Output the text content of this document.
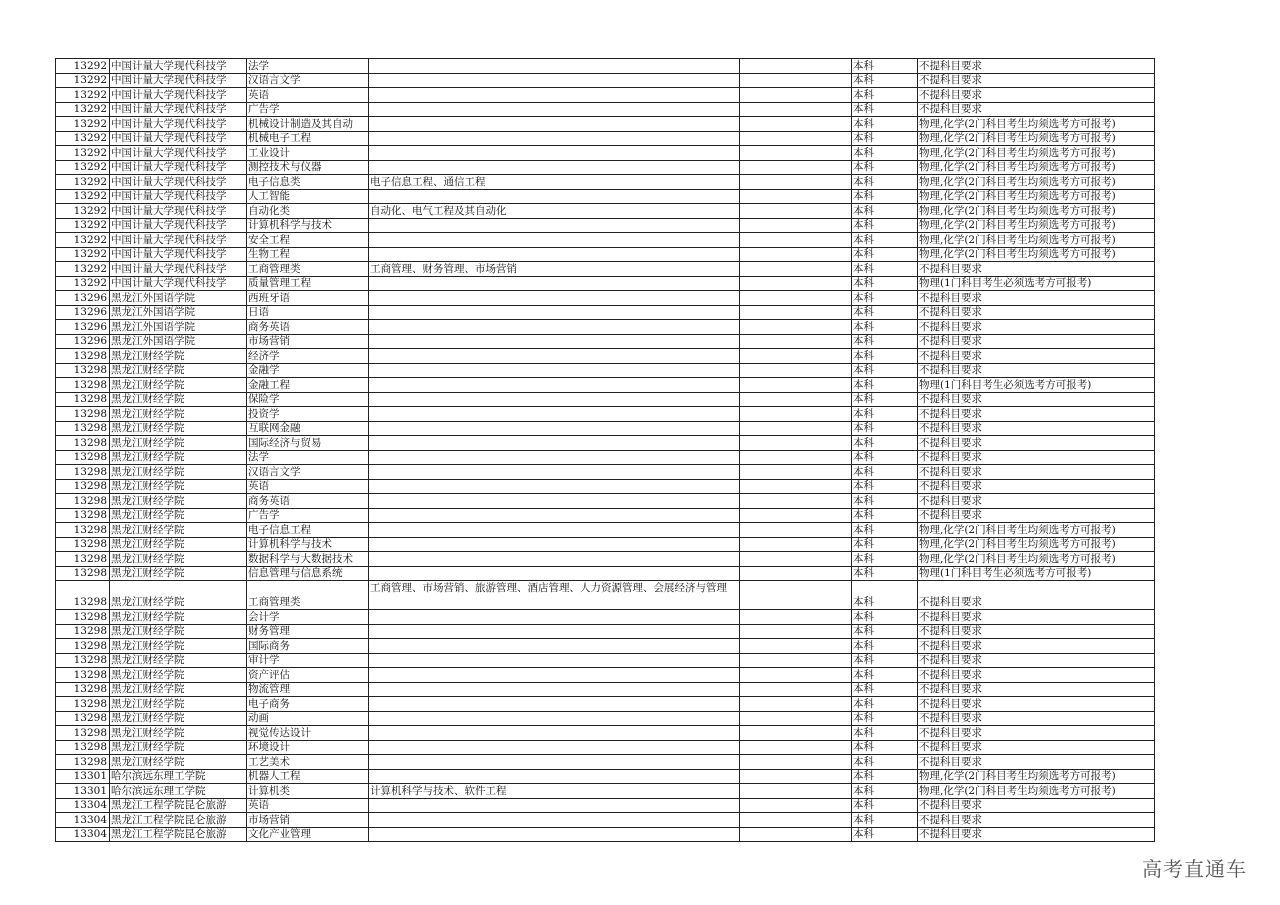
13292	中国计量大学现代科技学	法学			本科	不提科目要求
13292	中国计量大学现代科技学	汉语言文学			本科	不提科目要求
13292	中国计量大学现代科技学	英语			本科	不提科目要求
13292	中国计量大学现代科技学	广告学			本科	不提科目要求
13292	中国计量大学现代科技学	机械设计制造及其自动			本科	物理,化学(2门科目考生均须选考方可报考)
13292	中国计量大学现代科技学	机械电子工程			本科	物理,化学(2门科目考生均须选考方可报考)
13292	中国计量大学现代科技学	工业设计			本科	物理,化学(2门科目考生均须选考方可报考)
13292	中国计量大学现代科技学	测控技术与仪器			本科	物理,化学(2门科目考生均须选考方可报考)
13292	中国计量大学现代科技学	电子信息类	电子信息工程、通信工程		本科	物理,化学(2门科目考生均须选考方可报考)
13292	中国计量大学现代科技学	人工智能			本科	物理,化学(2门科目考生均须选考方可报考)
13292	中国计量大学现代科技学	自动化类	自动化、电气工程及其自动化		本科	物理,化学(2门科目考生均须选考方可报考)
13292	中国计量大学现代科技学	计算机科学与技术			本科	物理,化学(2门科目考生均须选考方可报考)
13292	中国计量大学现代科技学	安全工程			本科	物理,化学(2门科目考生均须选考方可报考)
13292	中国计量大学现代科技学	生物工程			本科	物理,化学(2门科目考生均须选考方可报考)
13292	中国计量大学现代科技学	工商管理类	工商管理、财务管理、市场营销		本科	不提科目要求
13292	中国计量大学现代科技学	质量管理工程			本科	物理(1门科目考生必须选考方可报考)
13296	黑龙江外国语学院	西班牙语			本科	不提科目要求
13296	黑龙江外国语学院	日语			本科	不提科目要求
13296	黑龙江外国语学院	商务英语			本科	不提科目要求
13296	黑龙江外国语学院	市场营销			本科	不提科目要求
13298	黑龙江财经学院	经济学			本科	不提科目要求
13298	黑龙江财经学院	金融学			本科	不提科目要求
13298	黑龙江财经学院	金融工程			本科	物理(1门科目考生必须选考方可报考)
13298	黑龙江财经学院	保险学			本科	不提科目要求
13298	黑龙江财经学院	投资学			本科	不提科目要求
13298	黑龙江财经学院	互联网金融			本科	不提科目要求
13298	黑龙江财经学院	国际经济与贸易			本科	不提科目要求
13298	黑龙江财经学院	法学			本科	不提科目要求
13298	黑龙江财经学院	汉语言文学			本科	不提科目要求
13298	黑龙江财经学院	英语			本科	不提科目要求
13298	黑龙江财经学院	商务英语			本科	不提科目要求
13298	黑龙江财经学院	广告学			本科	不提科目要求
13298	黑龙江财经学院	电子信息工程			本科	物理,化学(2门科目考生均须选考方可报考)
13298	黑龙江财经学院	计算机科学与技术			本科	物理,化学(2门科目考生均须选考方可报考)
13298	黑龙江财经学院	数据科学与大数据技术			本科	物理,化学(2门科目考生均须选考方可报考)
13298	黑龙江财经学院	信息管理与信息系统			本科	物理(1门科目考生必须选考方可报考)
13298	黑龙江财经学院	工商管理类	工商管理、市场营销、旅游管理、酒店管理、人力资源管理、会展经济与管理		本科	不提科目要求
13298	黑龙江财经学院	会计学			本科	不提科目要求
13298	黑龙江财经学院	财务管理			本科	不提科目要求
13298	黑龙江财经学院	国际商务			本科	不提科目要求
13298	黑龙江财经学院	审计学			本科	不提科目要求
13298	黑龙江财经学院	资产评估			本科	不提科目要求
13298	黑龙江财经学院	物流管理			本科	不提科目要求
13298	黑龙江财经学院	电子商务			本科	不提科目要求
13298	黑龙江财经学院	动画			本科	不提科目要求
13298	黑龙江财经学院	视觉传达设计			本科	不提科目要求
13298	黑龙江财经学院	环境设计			本科	不提科目要求
13298	黑龙江财经学院	工艺美术			本科	不提科目要求
13301	哈尔滨远东理工学院	机器人工程			本科	物理,化学(2门科目考生均须选考方可报考)
13301	哈尔滨远东理工学院	计算机类	计算机科学与技术、软件工程		本科	物理,化学(2门科目考生均须选考方可报考)
13304	黑龙江工程学院昆仑旅游	英语			本科	不提科目要求
13304	黑龙江工程学院昆仑旅游	市场营销			本科	不提科目要求
13304	黑龙江工程学院昆仑旅游	文化产业管理			本科	不提科目要求
高考直通车
